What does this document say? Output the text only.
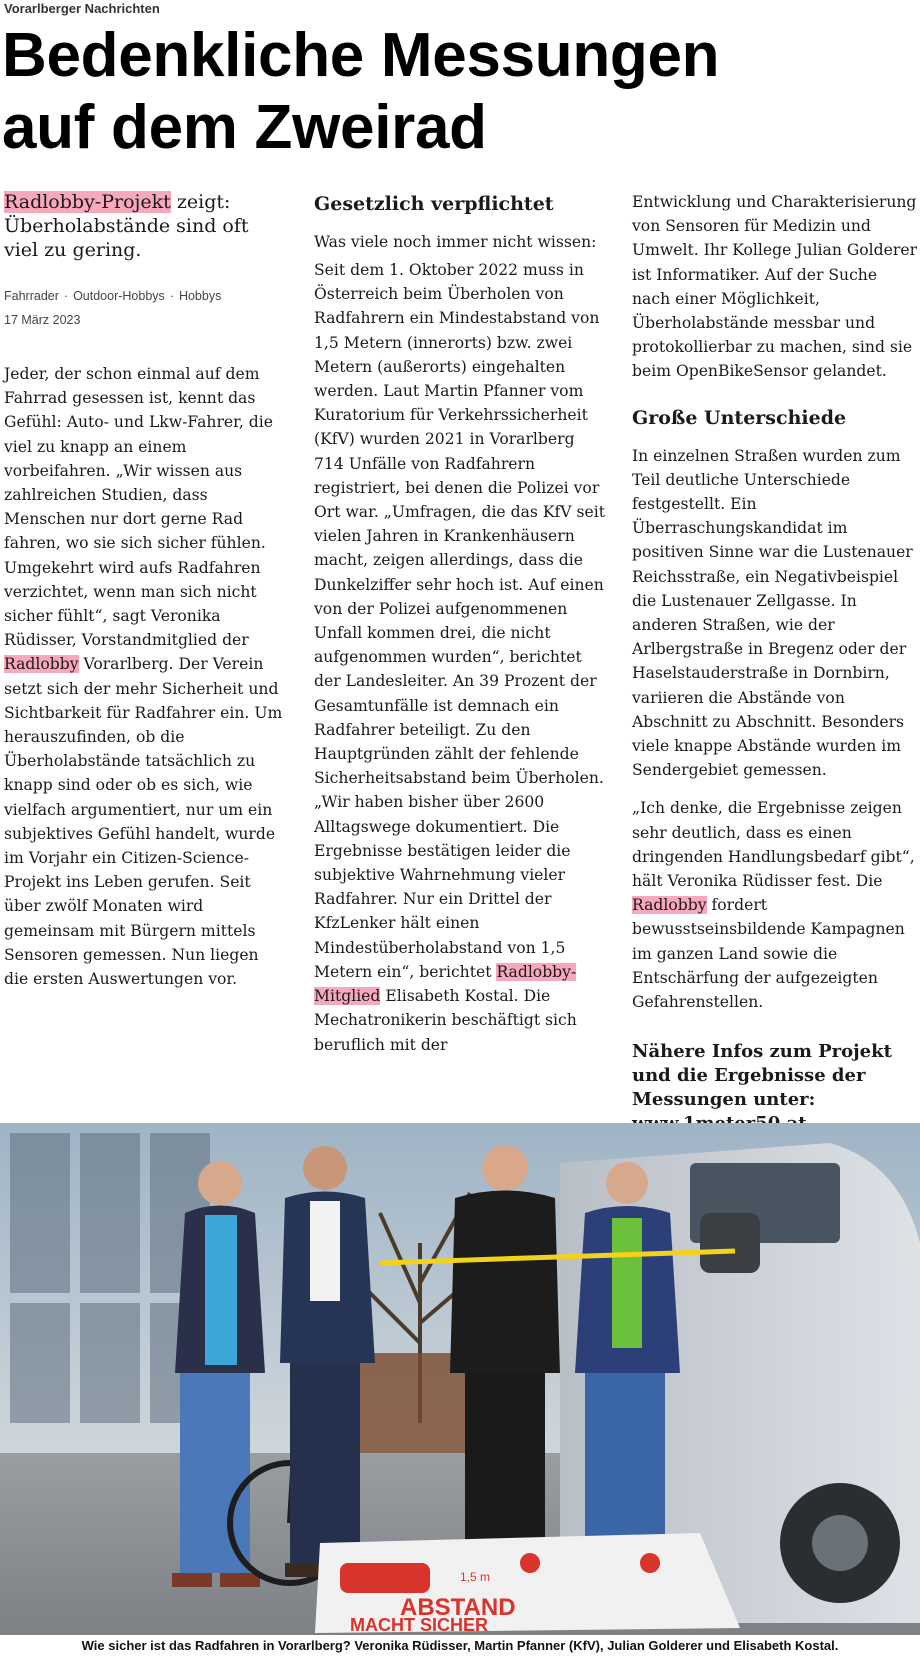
Vorarlberger Nachrichten
Bedenkliche Messungen
auf dem Zweirad

Radlobby-Projekt zeigt: Überholabstände sind oft viel zu gering.

Fahrrader · Outdoor-Hobbys · Hobbys
17 März 2023

Jeder, der schon einmal auf dem Fahrrad gesessen ist, kennt das Gefühl: Auto- und Lkw-Fahrer, die viel zu knapp an einem vorbeifahren. „Wir wissen aus zahlreichen Studien, dass Menschen nur dort gerne Rad fahren, wo sie sich sicher fühlen. Umgekehrt wird aufs Radfahren verzichtet, wenn man sich nicht sicher fühlt“, sagt Veronika Rüdisser, Vorstandmitglied der Radlobby Vorarlberg. Der Verein setzt sich der mehr Sicherheit und Sichtbarkeit für Radfahrer ein. Um herauszufinden, ob die Überholabstände tatsächlich zu knapp sind oder ob es sich, wie vielfach argumentiert, nur um ein subjektives Gefühl handelt, wurde im Vorjahr ein Citizen-Science-Projekt ins Leben gerufen. Seit über zwölf Monaten wird gemeinsam mit Bürgern mittels Sensoren gemessen. Nun liegen die ersten Auswertungen vor.

Gesetzlich verpflichtet

Was viele noch immer nicht wissen:

Seit dem 1. Oktober 2022 muss in Österreich beim Überholen von Radfahrern ein Mindestabstand von 1,5 Metern (innerorts) bzw. zwei Metern (außerorts) eingehalten werden. Laut Martin Pfanner vom Kuratorium für Verkehrssicherheit (KfV) wurden 2021 in Vorarlberg 714 Unfälle von Radfahrern registriert, bei denen die Polizei vor Ort war. „Umfragen, die das KfV seit vielen Jahren in Krankenhäusern macht, zeigen allerdings, dass die Dunkelziffer sehr hoch ist. Auf einen von der Polizei aufgenommenen Unfall kommen drei, die nicht aufgenommen wurden“, berichtet der Landesleiter. An 39 Prozent der Gesamtunfälle ist demnach ein Radfahrer beteiligt. Zu den Hauptgründen zählt der fehlende Sicherheitsabstand beim Überholen. „Wir haben bisher über 2600 Alltagswege dokumentiert. Die Ergebnisse bestätigen leider die subjektive Wahrnehmung vieler Radfahrer. Nur ein Drittel der KfzLenker hält einen Mindestüberholabstand von 1,5 Metern ein“, berichtet Radlobby-Mitglied Elisabeth Kostal. Die Mechatronikerin beschäftigt sich beruflich mit der

Entwicklung und Charakterisierung von Sensoren für Medizin und Umwelt. Ihr Kollege Julian Golderer ist Informatiker. Auf der Suche nach einer Möglichkeit, Überholabstände messbar und protokollierbar zu machen, sind sie beim OpenBikeSensor gelandet.

Große Unterschiede

In einzelnen Straßen wurden zum Teil deutliche Unterschiede festgestellt. Ein Überraschungskandidat im positiven Sinne war die Lustenauer Reichsstraße, ein Negativbeispiel die Lustenauer Zellgasse. In anderen Straßen, wie der Arlbergstraße in Bregenz oder der Haselstauderstraße in Dornbirn, variieren die Abstände von Abschnitt zu Abschnitt. Besonders viele knappe Abstände wurden im Sendergebiet gemessen.

„Ich denke, die Ergebnisse zeigen sehr deutlich, dass es einen dringenden Handlungsbedarf gibt“, hält Veronika Rüdisser fest. Die Radlobby fordert bewusstseinsbildende Kampagnen im ganzen Land sowie die Entschärfung der aufgezeigten Gefahrenstellen.

Nähere Infos zum Projekt und die Ergebnisse der Messungen unter:
ABSTAND
MACHT SICHER
1,5 m
Wie sicher ist das Radfahren in Vorarlberg? Veronika Rüdisser, Martin Pfanner (KfV), Julian Golderer und Elisabeth Kostal.
